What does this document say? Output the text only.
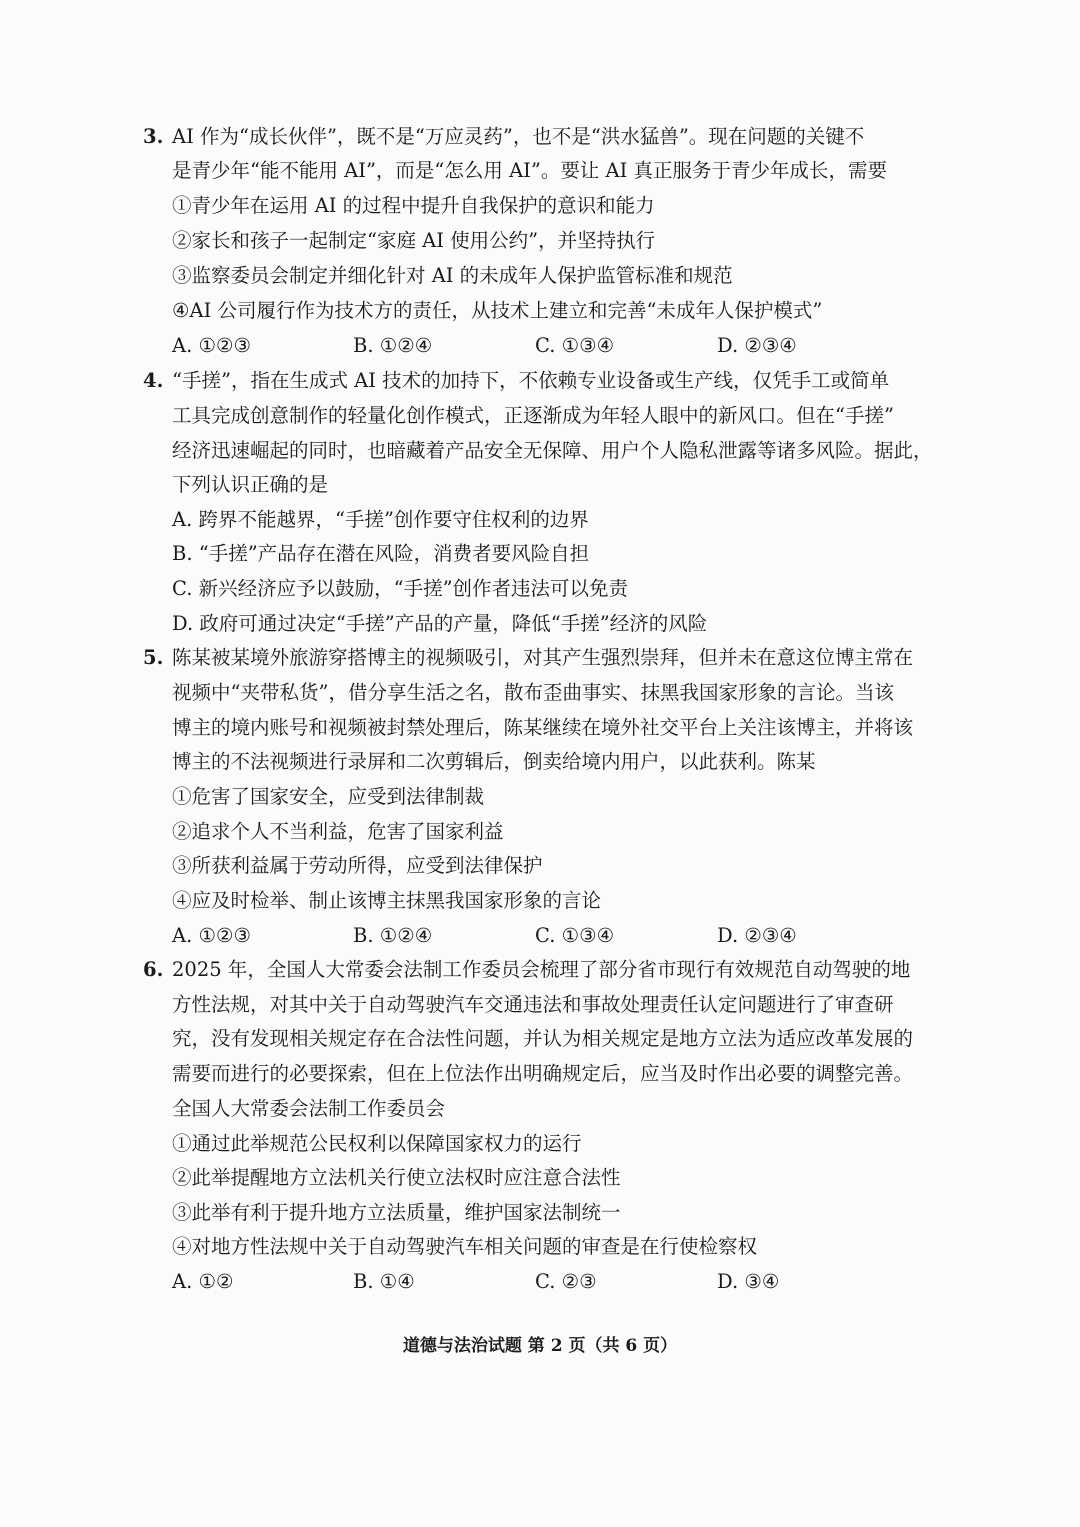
3. AI 作为“成长伙伴”，既不是“万应灵药”，也不是“洪水猛兽”。现在问题的关键不
是青少年“能不能用 AI”，而是“怎么用 AI”。要让 AI 真正服务于青少年成长，需要
①青少年在运用 AI 的过程中提升自我保护的意识和能力
②家长和孩子一起制定“家庭 AI 使用公约”，并坚持执行
③监察委员会制定并细化针对 AI 的未成年人保护监管标准和规范
④AI 公司履行作为技术方的责任，从技术上建立和完善“未成年人保护模式”
A. ①②③	B. ①②④	C. ①③④	D. ②③④
4. “手搓”，指在生成式 AI 技术的加持下，不依赖专业设备或生产线，仅凭手工或简单
工具完成创意制作的轻量化创作模式，正逐渐成为年轻人眼中的新风口。但在“手搓”
经济迅速崛起的同时，也暗藏着产品安全无保障、用户个人隐私泄露等诸多风险。据此，
下列认识正确的是
A. 跨界不能越界，“手搓”创作要守住权利的边界
B. “手搓”产品存在潜在风险，消费者要风险自担
C. 新兴经济应予以鼓励，“手搓”创作者违法可以免责
D. 政府可通过决定“手搓”产品的产量，降低“手搓”经济的风险
5. 陈某被某境外旅游穿搭博主的视频吸引，对其产生强烈崇拜，但并未在意这位博主常在
视频中“夹带私货”，借分享生活之名，散布歪曲事实、抹黑我国家形象的言论。当该
博主的境内账号和视频被封禁处理后，陈某继续在境外社交平台上关注该博主，并将该
博主的不法视频进行录屏和二次剪辑后，倒卖给境内用户，以此获利。陈某
①危害了国家安全，应受到法律制裁
②追求个人不当利益，危害了国家利益
③所获利益属于劳动所得，应受到法律保护
④应及时检举、制止该博主抹黑我国家形象的言论
A. ①②③	B. ①②④	C. ①③④	D. ②③④
6. 2025 年，全国人大常委会法制工作委员会梳理了部分省市现行有效规范自动驾驶的地
方性法规，对其中关于自动驾驶汽车交通违法和事故处理责任认定问题进行了审查研
究，没有发现相关规定存在合法性问题，并认为相关规定是地方立法为适应改革发展的
需要而进行的必要探索，但在上位法作出明确规定后，应当及时作出必要的调整完善。
全国人大常委会法制工作委员会
①通过此举规范公民权利以保障国家权力的运行
②此举提醒地方立法机关行使立法权时应注意合法性
③此举有利于提升地方立法质量，维护国家法制统一
④对地方性法规中关于自动驾驶汽车相关问题的审查是在行使检察权
A. ①②	B. ①④	C. ②③	D. ③④
道德与法治试题 第 2 页（共 6 页）
